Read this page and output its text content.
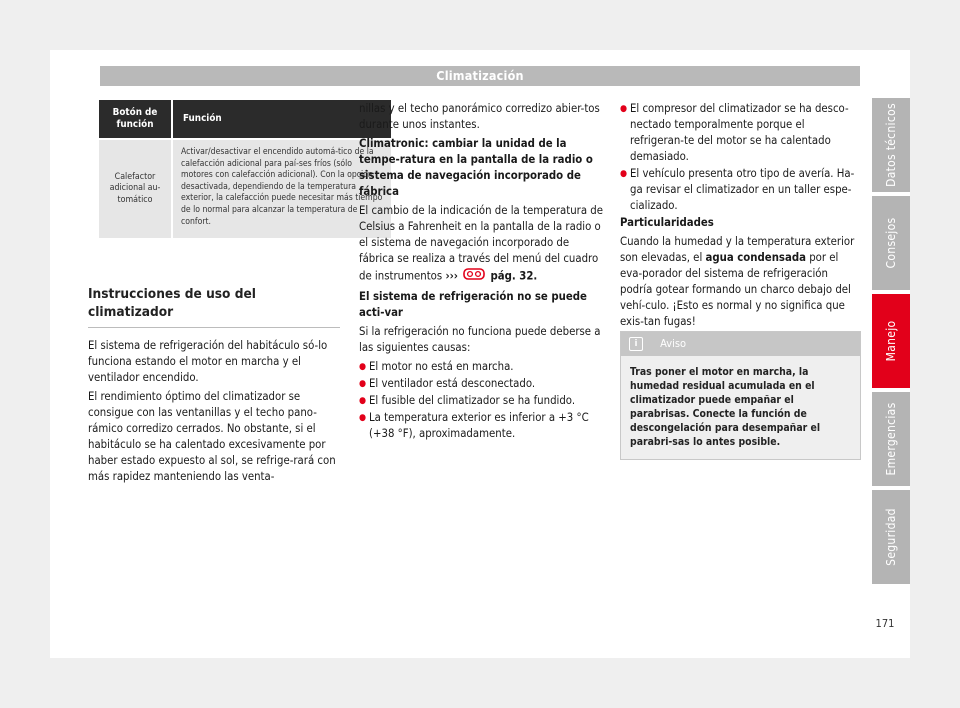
Climatización
Botón de función	Función

Calefactor adicional au-tomático	Activar/desactivar el encendido automá-tico de la calefacción adicional para paí-ses fríos (sólo motores con calefacción adicional). Con la opción desactivada, dependiendo de la temperatura exterior, la calefacción puede necesitar más tiempo de lo normal para alcanzar la temperatura de confort.
Instrucciones de uso del climatizador

El sistema de refrigeración del habitáculo só-lo funciona estando el motor en marcha y el ventilador encendido.

El rendimiento óptimo del climatizador se consigue con las ventanillas y el techo pano-rámico corredizo cerrados. No obstante, si el habitáculo se ha calentado excesivamente por haber estado expuesto al sol, se refrige-rará con más rapidez manteniendo las venta-

nillas y el techo panorámico corredizo abier-tos durante unos instantes.

Climatronic: cambiar la unidad de la tempe-ratura en la pantalla de la radio o sistema de navegación incorporado de fábrica

El cambio de la indicación de la temperatura de Celsius a Fahrenheit en la pantalla de la radio o el sistema de navegación incorporado de fábrica se realiza a través del menú del cuadro de instrumentos ›››	pág. 32.

El sistema de refrigeración no se puede acti-var

Si la refrigeración no funciona puede deberse a las siguientes causas:

● El motor no está en marcha.
● El ventilador está desconectado.
● El fusible del climatizador se ha fundido.
● La temperatura exterior es inferior a +3 °C (+38 °F), aproximadamente.
● El compresor del climatizador se ha desco-nectado temporalmente porque el refrigeran-te del motor se ha calentado demasiado.
● El vehículo presenta otro tipo de avería. Ha-ga revisar el climatizador en un taller espe-cializado.

Particularidades

Cuando la humedad y la temperatura exterior son elevadas, el agua condensada por el eva-porador del sistema de refrigeración podría gotear formando un charco debajo del vehí-culo. ¡Esto es normal y no significa que exis-tan fugas!

i Aviso
Tras poner el motor en marcha, la humedad residual acumulada en el climatizador puede empañar el parabrisas. Conecte la función de descongelación para desempañar el parabri-sas lo antes posible.
Datos técnicos
Consejos
Manejo
Emergencias
Seguridad
171
